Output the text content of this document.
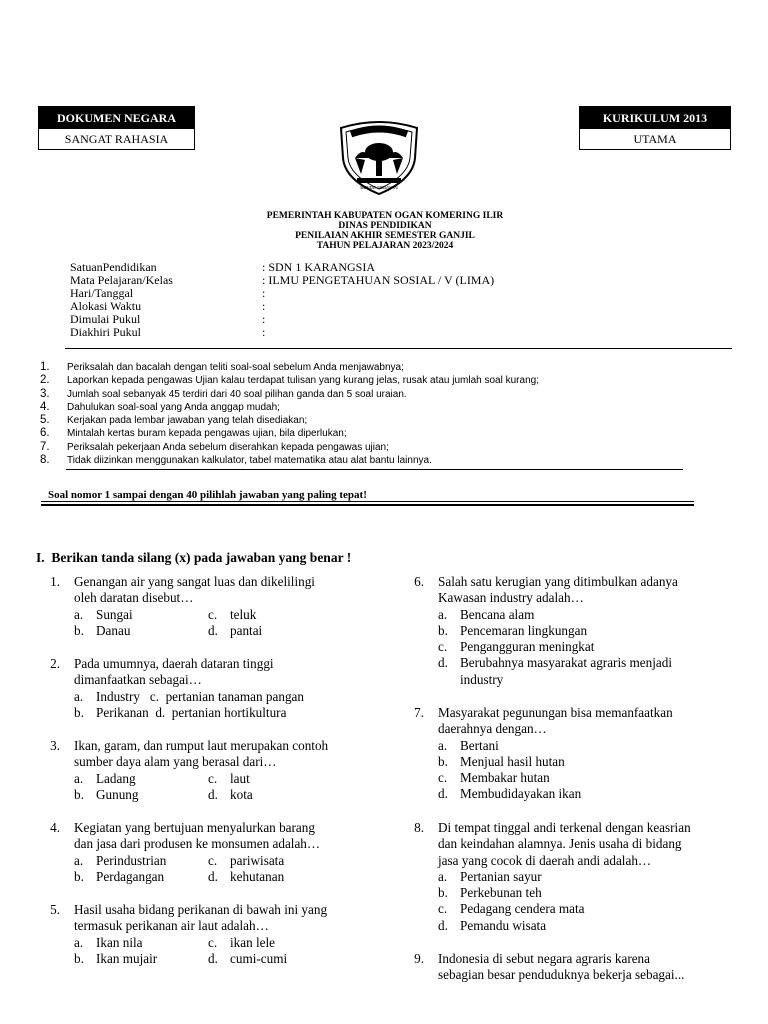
DOKUMEN NEGARA
SANGAT RAHASIA
KURIKULUM 2013
UTAMA
BENDE SEBAYAN
PEMERINTAH KABUPATEN OGAN KOMERING ILIR
DINAS PENDIDIKAN
PENILAIAN AKHIR SEMESTER GANJIL
TAHUN PELAJARAN 2023/2024
SatuanPendidikan	: SDN 1 KARANGSIA
Mata Pelajaran/Kelas	: ILMU PENGETAHUAN SOSIAL / V (LIMA)
Hari/Tanggal	:
Alokasi Waktu	:
Dimulai Pukul	:
Diakhiri Pukul	:
1.	Periksalah dan bacalah dengan teliti soal-soal sebelum Anda menjawabnya;
2.	Laporkan kepada pengawas Ujian kalau terdapat tulisan yang kurang jelas, rusak atau jumlah soal kurang;
3.	Jumlah soal sebanyak 45 terdiri dari 40 soal pilihan ganda dan 5 soal uraian.
4.	Dahulukan soal-soal yang Anda anggap mudah;
5.	Kerjakan pada lembar jawaban yang telah disediakan;
6.	Mintalah kertas buram kepada pengawas ujian, bila diperlukan;
7.	Periksalah pekerjaan Anda sebelum diserahkan kepada pengawas ujian;
8.	Tidak diizinkan menggunakan kalkulator, tabel matematika atau alat bantu lainnya.
Soal nomor 1 sampai dengan 40 pilihlah jawaban yang paling tepat!
I.  Berikan tanda silang (x) pada jawaban yang benar !
1. Genangan air yang sangat luas dan dikelilingi
oleh daratan disebut…
a. Sungai	c. teluk
b. Danau	d. pantai
2. Pada umumnya, daerah dataran tinggi
dimanfaatkan sebagai…
a. Industry   c.  pertanian tanaman pangan
b. Perikanan  d.  pertanian hortikultura
3. Ikan, garam, dan rumput laut merupakan contoh
sumber daya alam yang berasal dari…
a. Ladang	c. laut
b. Gunung	d. kota
4. Kegiatan yang bertujuan menyalurkan barang
dan jasa dari produsen ke monsumen adalah…
a. Perindustrian	c. pariwisata
b. Perdagangan	d. kehutanan
5. Hasil usaha bidang perikanan di bawah ini yang
termasuk perikanan air laut adalah…
a. Ikan nila	c. ikan lele
b. Ikan mujair	d. cumi-cumi
6. Salah satu kerugian yang ditimbulkan adanya
Kawasan industry adalah…
a. Bencana alam
b. Pencemaran lingkungan
c. Pengangguran meningkat
d. Berubahnya masyarakat agraris menjadi
industry
7. Masyarakat pegunungan bisa memanfaatkan
daerahnya dengan…
a. Bertani
b. Menjual hasil hutan
c. Membakar hutan
d. Membudidayakan ikan
8. Di tempat tinggal andi terkenal dengan keasrian
dan keindahan alamnya. Jenis usaha di bidang
jasa yang cocok di daerah andi adalah…
a. Pertanian sayur
b. Perkebunan teh
c. Pedagang cendera mata
d. Pemandu wisata
9. Indonesia di sebut negara agraris karena
sebagian besar penduduknya bekerja sebagai...
